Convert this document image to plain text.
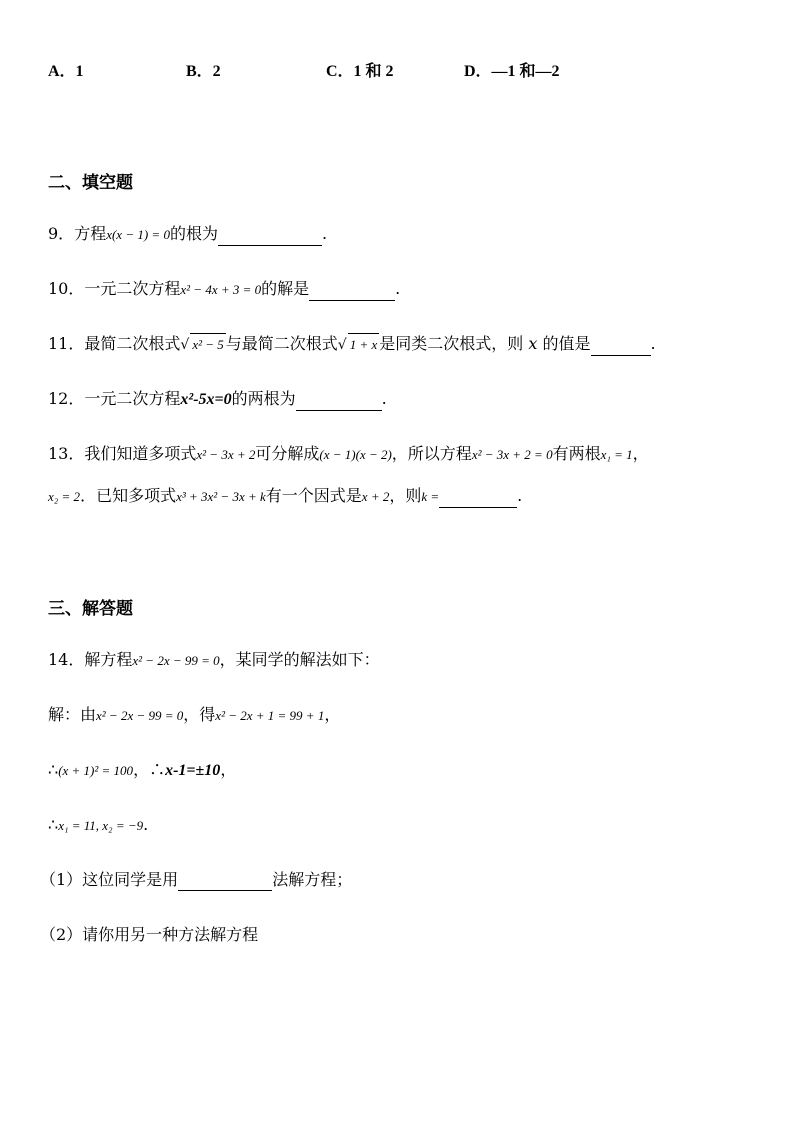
A．1	B．2	C．1 和 2	D．—1 和—2
二、填空题
9．方程x(x − 1) = 0的根为	.
10．一元二次方程x² − 4x + 3 = 0的解是	.
11．最简二次根式√ x² − 5 与最简二次根式√ 1 + x 是同类二次根式，则 x 的值是	.
12．一元二次方程x²-5x=0的两根为	.
13．我们知道多项式x² − 3x + 2可分解成(x − 1)(x − 2)，所以方程x² − 3x + 2 = 0有两根x₁ = 1，
x₂ = 2．已知多项式x³ + 3x² − 3x + k有一个因式是x + 2，则k =	.
三、解答题
14．解方程x² − 2x − 99 = 0，某同学的解法如下：
解：由x² − 2x − 99 = 0，得x² − 2x + 1 = 99 + 1，
∴(x + 1)² = 100，∴x-1=±10，
∴x₁ = 11, x₂ = −9.
（1）这位同学是用	法解方程；
（2）请你用另一种方法解方程
